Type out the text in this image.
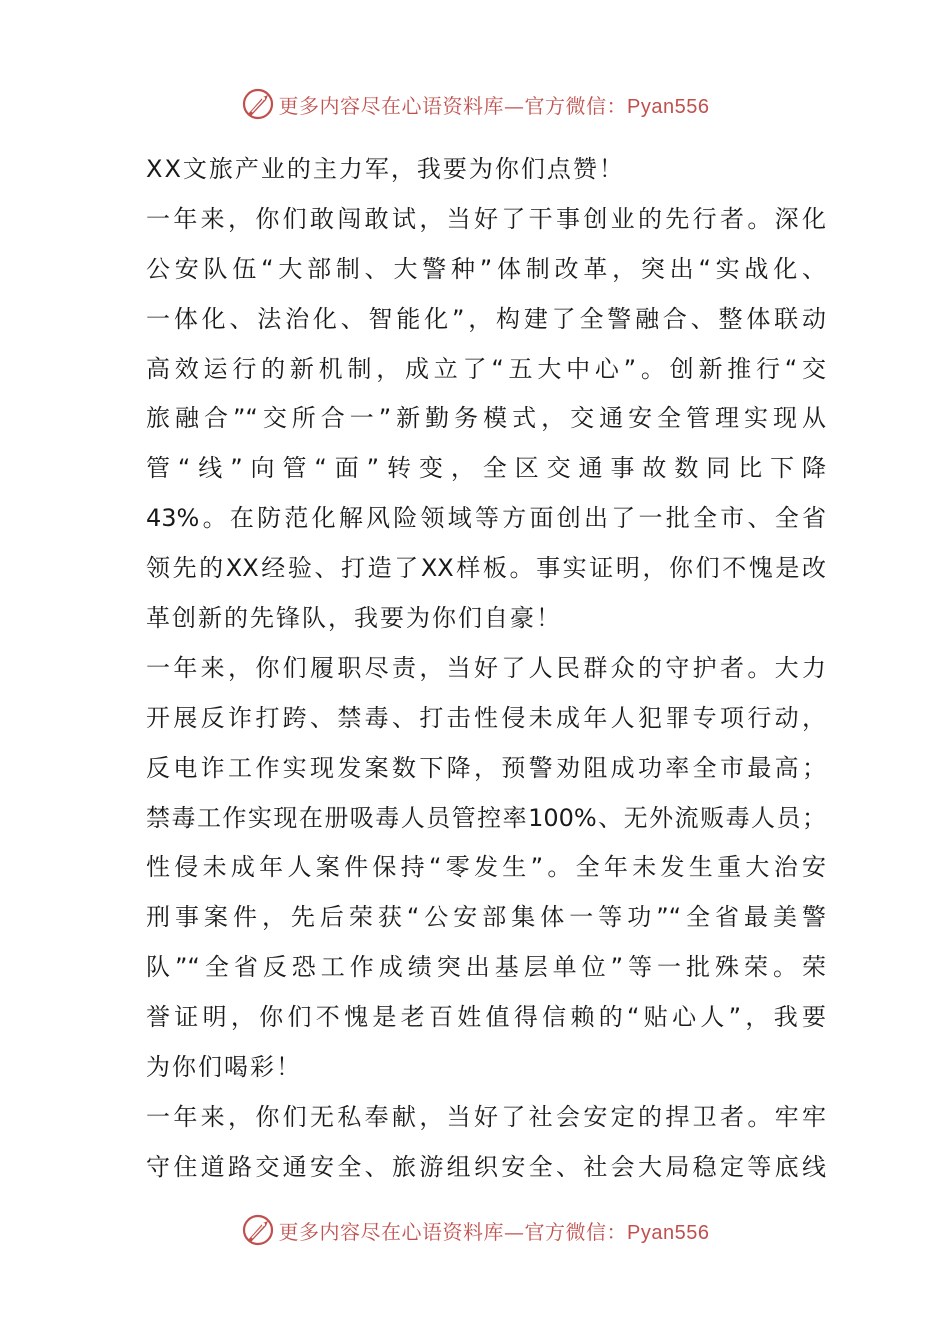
更多内容尽在心语资料库—官方微信：Pyan556
XX文旅产业的主力军，我要为你们点赞！
一年来，你们敢闯敢试，当好了干事创业的先行者。深化
公安队伍“大部制、大警种”体制改革，突出“实战化、
一体化、法治化、智能化”，构建了全警融合、整体联动
高效运行的新机制，成立了“五大中心”。创新推行“交
旅融合”“交所合一”新勤务模式，交通安全管理实现从
管“线”向管“面”转变，全区交通事故数同比下降
43%。在防范化解风险领域等方面创出了一批全市、全省
领先的XX经验、打造了XX样板。事实证明，你们不愧是改
革创新的先锋队，我要为你们自豪！
一年来，你们履职尽责，当好了人民群众的守护者。大力
开展反诈打跨、禁毒、打击性侵未成年人犯罪专项行动，
反电诈工作实现发案数下降，预警劝阻成功率全市最高；
禁毒工作实现在册吸毒人员管控率100%、无外流贩毒人员；
性侵未成年人案件保持“零发生”。全年未发生重大治安
刑事案件，先后荣获“公安部集体一等功”“全省最美警
队”“全省反恐工作成绩突出基层单位”等一批殊荣。荣
誉证明，你们不愧是老百姓值得信赖的“贴心人”，我要
为你们喝彩！
一年来，你们无私奉献，当好了社会安定的捍卫者。牢牢
守住道路交通安全、旅游组织安全、社会大局稳定等底线
更多内容尽在心语资料库—官方微信：Pyan556
